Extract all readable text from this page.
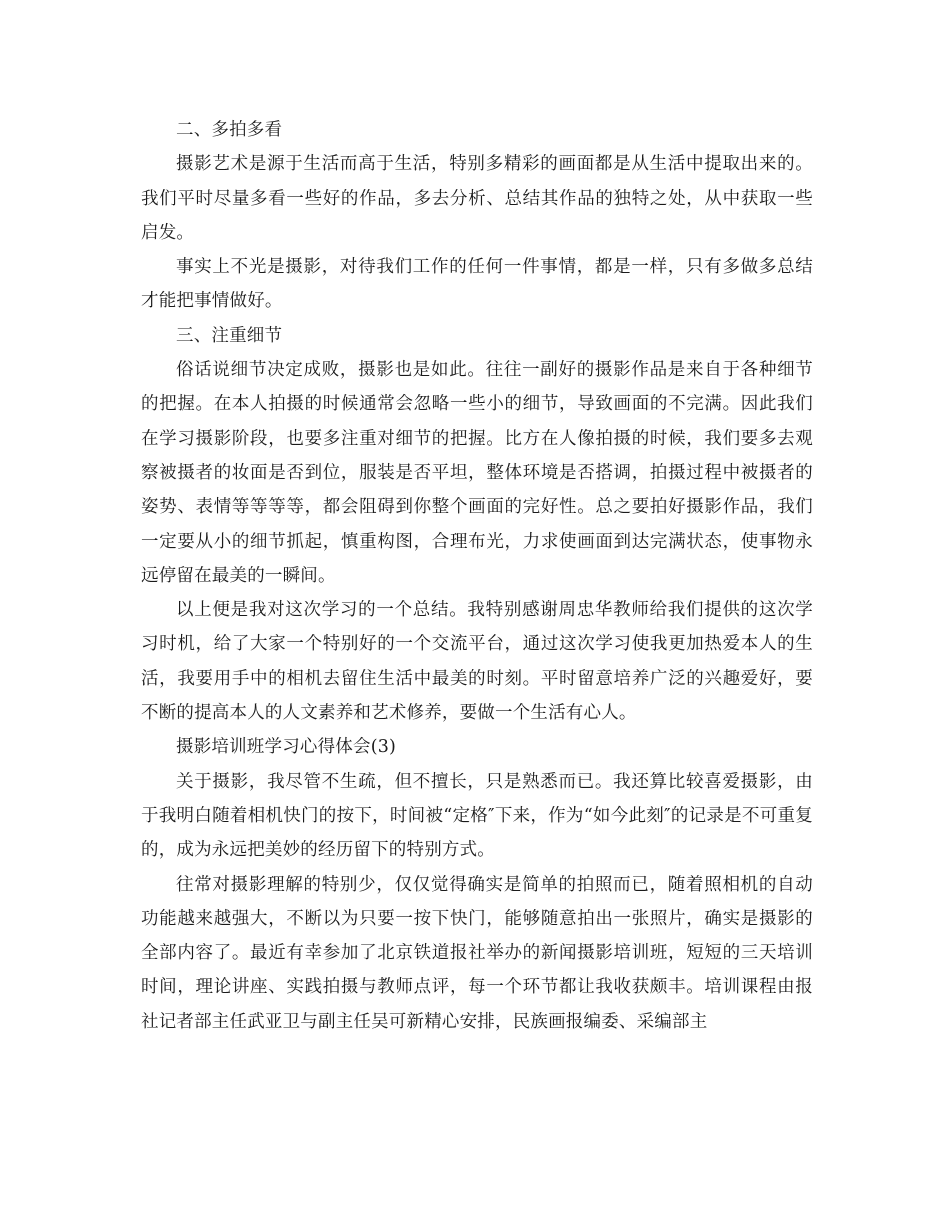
二、多拍多看

摄影艺术是源于生活而高于生活，特别多精彩的画面都是从生活中提取出来的。我们平时尽量多看一些好的作品，多去分析、总结其作品的独特之处，从中获取一些启发。

事实上不光是摄影，对待我们工作的任何一件事情，都是一样，只有多做多总结才能把事情做好。

三、注重细节

俗话说细节决定成败，摄影也是如此。往往一副好的摄影作品是来自于各种细节的把握。在本人拍摄的时候通常会忽略一些小的细节，导致画面的不完满。因此我们在学习摄影阶段，也要多注重对细节的把握。比方在人像拍摄的时候，我们要多去观察被摄者的妆面是否到位，服装是否平坦，整体环境是否搭调，拍摄过程中被摄者的姿势、表情等等等等，都会阻碍到你整个画面的完好性。总之要拍好摄影作品，我们一定要从小的细节抓起，慎重构图，合理布光，力求使画面到达完满状态，使事物永远停留在最美的一瞬间。

以上便是我对这次学习的一个总结。我特别感谢周忠华教师给我们提供的这次学习时机，给了大家一个特别好的一个交流平台，通过这次学习使我更加热爱本人的生活，我要用手中的相机去留住生活中最美的时刻。平时留意培养广泛的兴趣爱好，要不断的提高本人的人文素养和艺术修养，要做一个生活有心人。

摄影培训班学习心得体会(3)

关于摄影，我尽管不生疏，但不擅长，只是熟悉而已。我还算比较喜爱摄影，由于我明白随着相机快门的按下，时间被“定格″下来，作为“如今此刻″的记录是不可重复的，成为永远把美妙的经历留下的特别方式。

往常对摄影理解的特别少，仅仅觉得确实是简单的拍照而已，随着照相机的自动功能越来越强大，不断以为只要一按下快门，能够随意拍出一张照片，确实是摄影的全部内容了。最近有幸参加了北京铁道报社举办的新闻摄影培训班，短短的三天培训时间，理论讲座、实践拍摄与教师点评，每一个环节都让我收获颇丰。培训课程由报社记者部主任武亚卫与副主任吴可新精心安排，民族画报编委、采编部主
